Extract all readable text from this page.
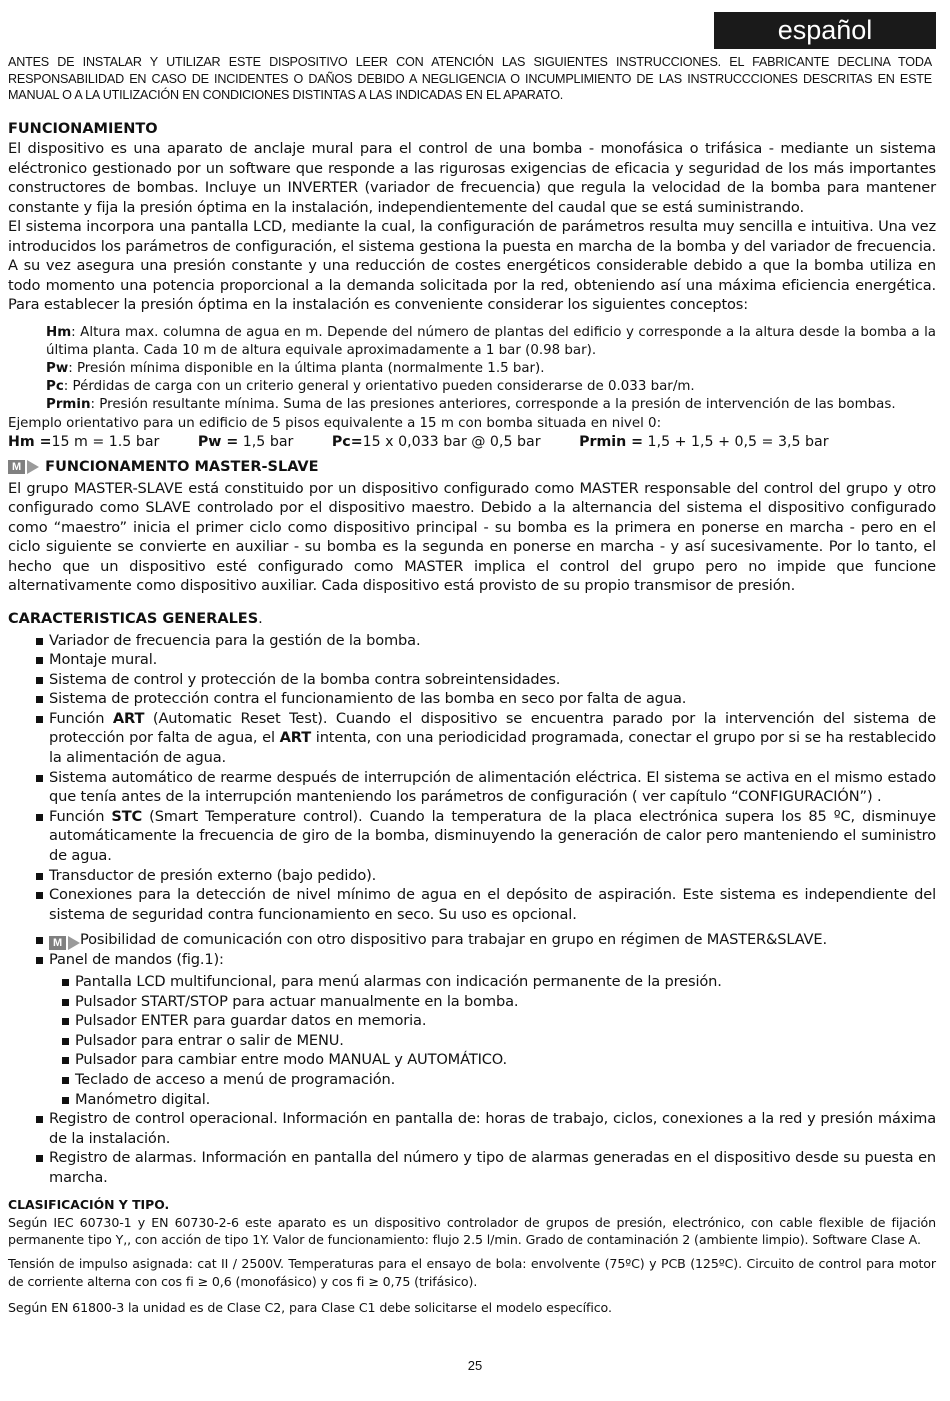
español
ANTES DE INSTALAR Y UTILIZAR ESTE DISPOSITIVO LEER CON ATENCIÓN LAS SIGUIENTES INSTRUCCIONES. EL FABRICANTE DECLINA TODA RESPONSABILIDAD EN CASO DE INCIDENTES O DAÑOS DEBIDO A NEGLIGENCIA O INCUMPLIMIENTO DE LAS INSTRUCCCIONES DESCRITAS EN ESTE MANUAL O A LA UTILIZACIÓN EN CONDICIONES DISTINTAS A LAS INDICADAS EN EL APARATO.
FUNCIONAMIENTO

El dispositivo es una aparato de anclaje mural para el control de una bomba - monofásica o trifásica - mediante un sistema eléctronico gestionado por un software que responde a las rigurosas exigencias de eficacia y seguridad de los más importantes constructores de bombas. Incluye un INVERTER (variador de frecuencia) que regula la velocidad de la bomba para mantener constante y fija la presión óptima en la instalación, independientemente del caudal que se está suministrando.

El sistema incorpora una pantalla LCD, mediante la cual, la configuración de parámetros resulta muy sencilla e intuitiva. Una vez introducidos los parámetros de configuración, el sistema gestiona la puesta en marcha de la bomba y del variador de frecuencia. A su vez asegura una presión constante y una reducción de costes energéticos considerable debido a que la bomba utiliza en todo momento una potencia proporcional a la demanda solicitada por la red, obteniendo así una máxima eficiencia energética. Para establecer la presión óptima en la instalación es conveniente considerar los siguientes conceptos:

Hm: Altura max. columna de agua en m. Depende del número de plantas del edificio y corresponde a la altura desde la bomba a la última planta. Cada 10 m de altura equivale aproximadamente a 1 bar (0.98 bar).

Pw: Presión mínima disponible en la última planta (normalmente 1.5 bar).

Pc: Pérdidas de carga con un criterio general y orientativo pueden considerarse de 0.033 bar/m.

Prmin: Presión resultante mínima. Suma de las presiones anteriores, corresponde a la presión de intervención de las bombas.

Ejemplo orientativo para un edificio de 5 pisos equivalente a 15 m con bomba situada en nivel 0:

Hm =15 m = 1.5 bar	Pw = 1,5 bar	Pc=15 x 0,033 bar @ 0,5 bar	Prmin = 1,5 + 1,5 + 0,5 = 3,5 bar

M FUNCIONAMENTO MASTER-SLAVE

El grupo MASTER-SLAVE está constituido por un dispositivo configurado como MASTER responsable del control del grupo y otro configurado como SLAVE controlado por el dispositivo maestro. Debido a la alternancia del sistema el dispositivo configurado como “maestro” inicia el primer ciclo como dispositivo principal - su bomba es la primera en ponerse en marcha - pero en el ciclo siguiente se convierte en auxiliar - su bomba es la segunda en ponerse en marcha - y así sucesivamente. Por lo tanto, el hecho que un dispositivo esté configurado como MASTER implica el control del grupo pero no impide que funcione alternativamente como dispositivo auxiliar. Cada dispositivo está provisto de su propio transmisor de presión.

CARACTERISTICAS GENERALES.
Variador de frecuencia para la gestión de la bomba.
Montaje mural.
Sistema de control y protección de la bomba contra sobreintensidades.
Sistema de protección contra el funcionamiento de las bomba en seco por falta de agua.
Función ART (Automatic Reset Test). Cuando el dispositivo se encuentra parado por la intervención del sistema de protección por falta de agua, el ART intenta, con una periodicidad programada, conectar el grupo por si se ha restablecido la alimentación de agua.
Sistema automático de rearme después de interrupción de alimentación eléctrica. El sistema se activa en el mismo estado que tenía antes de la interrupción manteniendo los parámetros de configuración ( ver capítulo “CONFIGURACIÓN”) .
Función STC (Smart Temperature control). Cuando la temperatura de la placa electrónica supera los 85 ºC, disminuye automáticamente la frecuencia de giro de la bomba, disminuyendo la generación de calor pero manteniendo el suministro de agua.
Transductor de presión externo (bajo pedido).
Conexiones para la detección de nivel mínimo de agua en el depósito de aspiración. Este sistema es independiente del sistema de seguridad contra funcionamiento en seco. Su uso es opcional.
M Posibilidad de comunicación con otro dispositivo para trabajar en grupo en régimen de MASTER&SLAVE.
Panel de mandos (fig.1):
Pantalla LCD multifuncional, para menú alarmas con indicación permanente de la presión.
Pulsador START/STOP para actuar manualmente en la bomba.
Pulsador ENTER para guardar datos en memoria.
Pulsador para entrar o salir de MENU.
Pulsador para cambiar entre modo MANUAL y AUTOMÁTICO.
Teclado de acceso a menú de programación.
Manómetro digital.
Registro de control operacional. Información en pantalla de: horas de trabajo, ciclos, conexiones a la red y presión máxima de la instalación.
Registro de alarmas. Información en pantalla del número y tipo de alarmas generadas en el dispositivo desde su puesta en marcha.

CLASIFICACIÓN Y TIPO.

Según IEC 60730-1 y EN 60730-2-6 este aparato es un dispositivo controlador de grupos de presión, electrónico, con cable flexible de fijación permanente tipo Y,, con acción de tipo 1Y. Valor de funcionamiento: flujo 2.5 l/min. Grado de contaminación 2 (ambiente limpio). Software Clase A.

Tensión de impulso asignada: cat II / 2500V. Temperaturas para el ensayo de bola: envolvente (75ºC) y PCB (125ºC). Circuito de control para motor de corriente alterna con cos fi ≥ 0,6 (monofásico) y cos fi ≥ 0,75 (trifásico).

Según EN 61800-3 la unidad es de Clase C2, para Clase C1 debe solicitarse el modelo específico.

25
